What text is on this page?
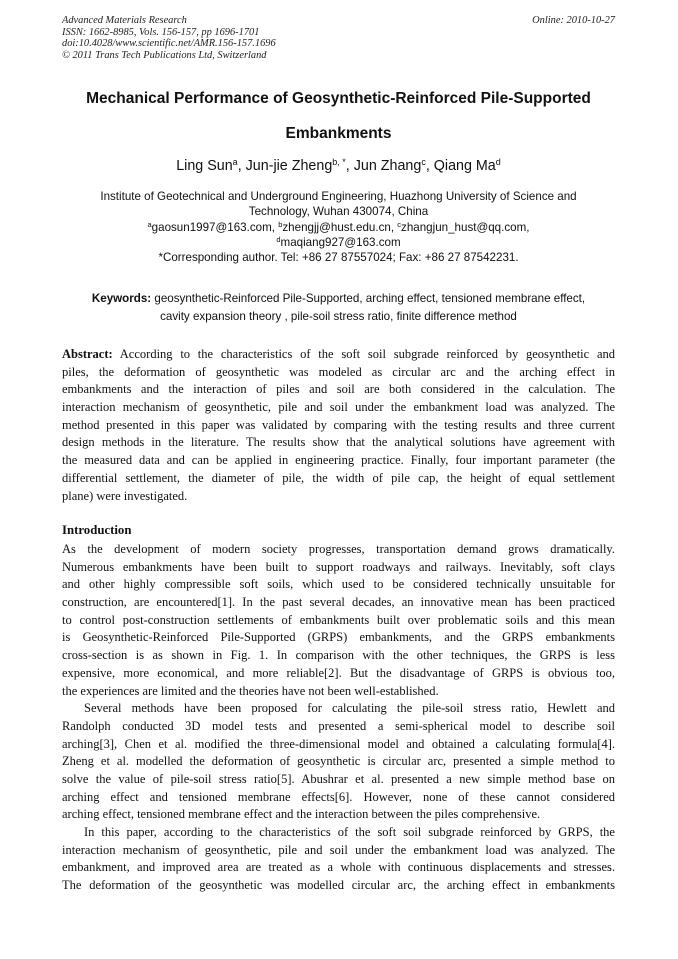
Advanced Materials Research
ISSN: 1662-8985, Vols. 156-157, pp 1696-1701
doi:10.4028/www.scientific.net/AMR.156-157.1696
© 2011 Trans Tech Publications Ltd, Switzerland
Online: 2010-10-27
Mechanical Performance of Geosynthetic-Reinforced Pile-Supported
Embankments
Ling Sun$^a$, Jun-jie Zheng$^{b, *}$, Jun Zhang$^c$, Qiang Ma$^d$
Institute of Geotechnical and Underground Engineering, Huazhong University of Science and
Technology, Wuhan 430074, China
$^a$gaosun1997@163.com, $^b$zhengjj@hust.edu.cn, $^c$zhangjun_hust@qq.com,
$^d$maqiang927@163.com
*Corresponding author. Tel: +86 27 87557024; Fax: +86 27 87542231.
Keywords: geosynthetic-Reinforced Pile-Supported, arching effect, tensioned membrane effect,
cavity expansion theory , pile-soil stress ratio, finite difference method
Abstract: According to the characteristics of the soft soil subgrade reinforced by geosynthetic and
piles, the deformation of geosynthetic was modeled as circular arc and the arching effect in
embankments and the interaction of piles and soil are both considered in the calculation. The
interaction mechanism of geosynthetic, pile and soil under the embankment load was analyzed. The
method presented in this paper was validated by comparing with the testing results and three current
design methods in the literature. The results show that the analytical solutions have agreement with
the measured data and can be applied in engineering practice. Finally, four important parameter (the
differential settlement, the diameter of pile, the width of pile cap, the height of equal settlement
plane) were investigated.
Introduction
As the development of modern society progresses, transportation demand grows dramatically.
Numerous embankments have been built to support roadways and railways. Inevitably, soft clays
and other highly compressible soft soils, which used to be considered technically unsuitable for
construction, are encountered[1]. In the past several decades, an innovative mean has been practiced
to control post-construction settlements of embankments built over problematic soils and this mean
is Geosynthetic-Reinforced Pile-Supported (GRPS) embankments, and the GRPS embankments
cross-section is as shown in Fig. 1. In comparison with the other techniques, the GRPS is less
expensive, more economical, and more reliable[2]. But the disadvantage of GRPS is obvious too,
the experiences are limited and the theories have not been well-established.
Several methods have been proposed for calculating the pile-soil stress ratio, Hewlett and
Randolph conducted 3D model tests and presented a semi-spherical model to describe soil
arching[3], Chen et al. modified the three-dimensional model and obtained a calculating formula[4].
Zheng et al. modelled the deformation of geosynthetic is circular arc, presented a simple method to
solve the value of pile-soil stress ratio[5]. Abushrar et al. presented a new simple method base on
arching effect and tensioned membrane effects[6]. However, none of these cannot considered
arching effect, tensioned membrane effect and the interaction between the piles comprehensive.
In this paper, according to the characteristics of the soft soil subgrade reinforced by GRPS, the
interaction mechanism of geosynthetic, pile and soil under the embankment load was analyzed. The
embankment, and improved area are treated as a whole with continuous displacements and stresses.
The deformation of the geosynthetic was modelled circular arc, the arching effect in embankments
